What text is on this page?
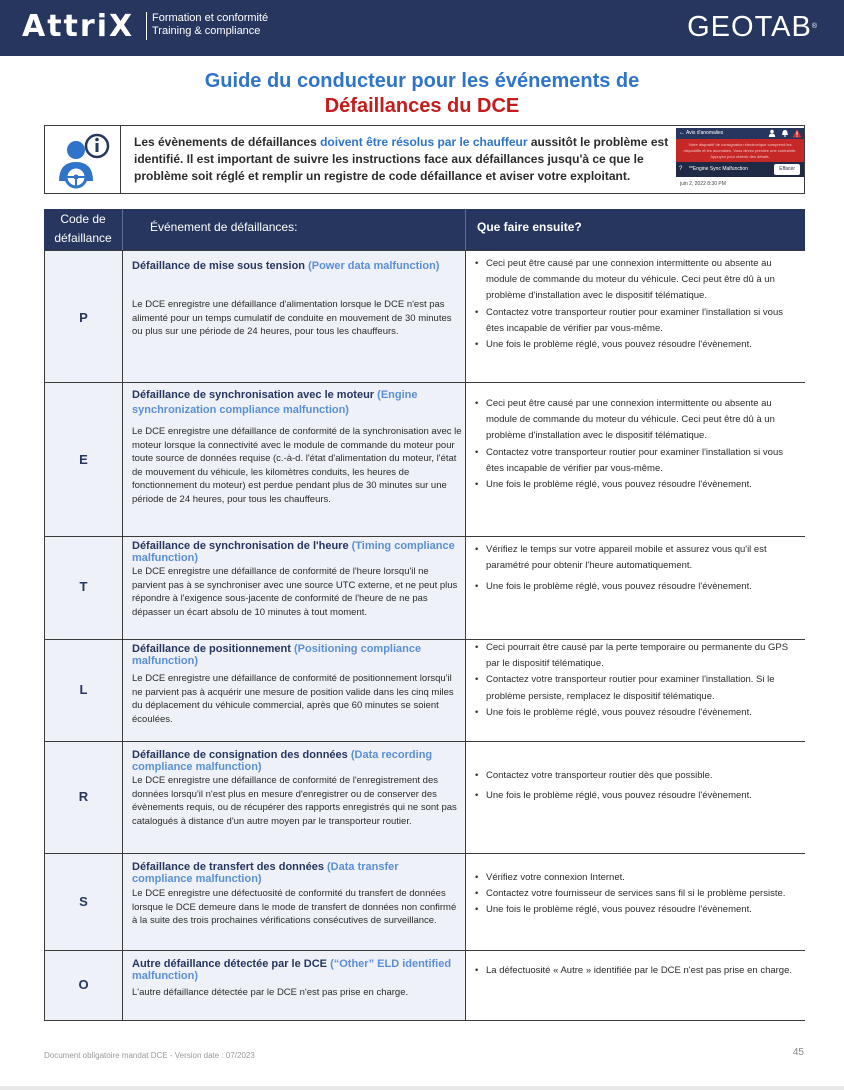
AttriX Formation et conformité
Training & compliance	GEOTAB®
Guide du conducteur pour les événements de
Défaillances du DCE
Les évènements de défaillances doivent être résolus par le chauffeur aussitôt le problème est identifié. Il est important de suivre les instructions face aux défaillances jusqu'à ce que le problème soit réglé et remplir un registre de code défaillance et aviser votre exploitant.
Avis d'anomalies
←
Votre dispositif de consignation électronique comprend les dispositifs et les anomalies. Vous devez prendre une contrainte. Appuyez pour obtenir des détails.
? **Engine Sync Malfunction	Effacer
juin 2, 2022 8:30 PM
Code de défaillance
Événement de défaillances:	Que faire ensuite?
P
Défaillance de mise sous tension (Power data malfunction)
Le DCE enregistre une défaillance d'alimentation lorsque le DCE n'est pas alimenté pour un temps cumulatif de conduite en mouvement de 30 minutes ou plus sur une période de 24 heures, pour tous les chauffeurs.
• Ceci peut être causé par une connexion intermittente ou absente au module de commande du moteur du véhicule. Ceci peut être dû à un problème d'installation avec le dispositif télématique.
• Contactez votre transporteur routier pour examiner l'installation si vous êtes incapable de vérifier par vous-même.
• Une fois le problème réglé, vous pouvez résoudre l'évènement.
E
Défaillance de synchronisation avec le moteur (Engine synchronization compliance malfunction)
Le DCE enregistre une défaillance de conformité de la synchronisation avec le moteur lorsque la connectivité avec le module de commande du moteur pour toute source de données requise (c.-à-d. l'état d'alimentation du moteur, l'état de mouvement du véhicule, les kilomètres conduits, les heures de fonctionnement du moteur) est perdue pendant plus de 30 minutes sur une période de 24 heures, pour tous les chauffeurs.
• Ceci peut être causé par une connexion intermittente ou absente au module de commande du moteur du véhicule. Ceci peut être dû à un problème d'installation avec le dispositif télématique.
• Contactez votre transporteur routier pour examiner l'installation si vous êtes incapable de vérifier par vous-même.
• Une fois le problème réglé, vous pouvez résoudre l'évènement.
T
Défaillance de synchronisation de l'heure (Timing compliance malfunction)
Le DCE enregistre une défaillance de conformité de l'heure lorsqu'il ne parvient pas à se synchroniser avec une source UTC externe, et ne peut plus répondre à l'exigence sous-jacente de conformité de l'heure de ne pas dépasser un écart absolu de 10 minutes à tout moment.
• Vérifiez le temps sur votre appareil mobile et assurez vous qu'il est paramétré pour obtenir l'heure automatiquement.
• Une fois le problème réglé, vous pouvez résoudre l'évènement.
L
Défaillance de positionnement (Positioning compliance malfunction)
Le DCE enregistre une défaillance de conformité de positionnement lorsqu'il ne parvient pas à acquérir une mesure de position valide dans les cinq miles du déplacement du véhicule commercial, après que 60 minutes se soient écoulées.
• Ceci pourrait être causé par la perte temporaire ou permanente du GPS par le dispositif télématique.
• Contactez votre transporteur routier pour examiner l'installation. Si le problème persiste, remplacez le dispositif télématique.
• Une fois le problème réglé, vous pouvez résoudre l'évènement.
R
Défaillance de consignation des données (Data recording compliance malfunction)
Le DCE enregistre une défaillance de conformité de l'enregistrement des données lorsqu'il n'est plus en mesure d'enregistrer ou de conserver des évènements requis, ou de récupérer des rapports enregistrés qui ne sont pas catalogués à distance d'un autre moyen par le transporteur routier.
• Contactez votre transporteur routier dès que possible.
• Une fois le problème réglé, vous pouvez résoudre l'évènement.
S
Défaillance de transfert des données (Data transfer compliance malfunction)
Le DCE enregistre une défectuosité de conformité du transfert de données lorsque le DCE demeure dans le mode de transfert de données non confirmé à la suite des trois prochaines vérifications consécutives de surveillance.
• Vérifiez votre connexion Internet.
• Contactez votre fournisseur de services sans fil si le problème persiste.
• Une fois le problème réglé, vous pouvez résoudre l'évènement.
O
Autre défaillance détectée par le DCE (“Other” ELD identified malfunction)
L'autre défaillance détectée par le DCE n'est pas prise en charge.
• La défectuosité « Autre » identifiée par le DCE n'est pas prise en charge.
Document obligatoire mandat DCE - Version date : 07/2023	45
